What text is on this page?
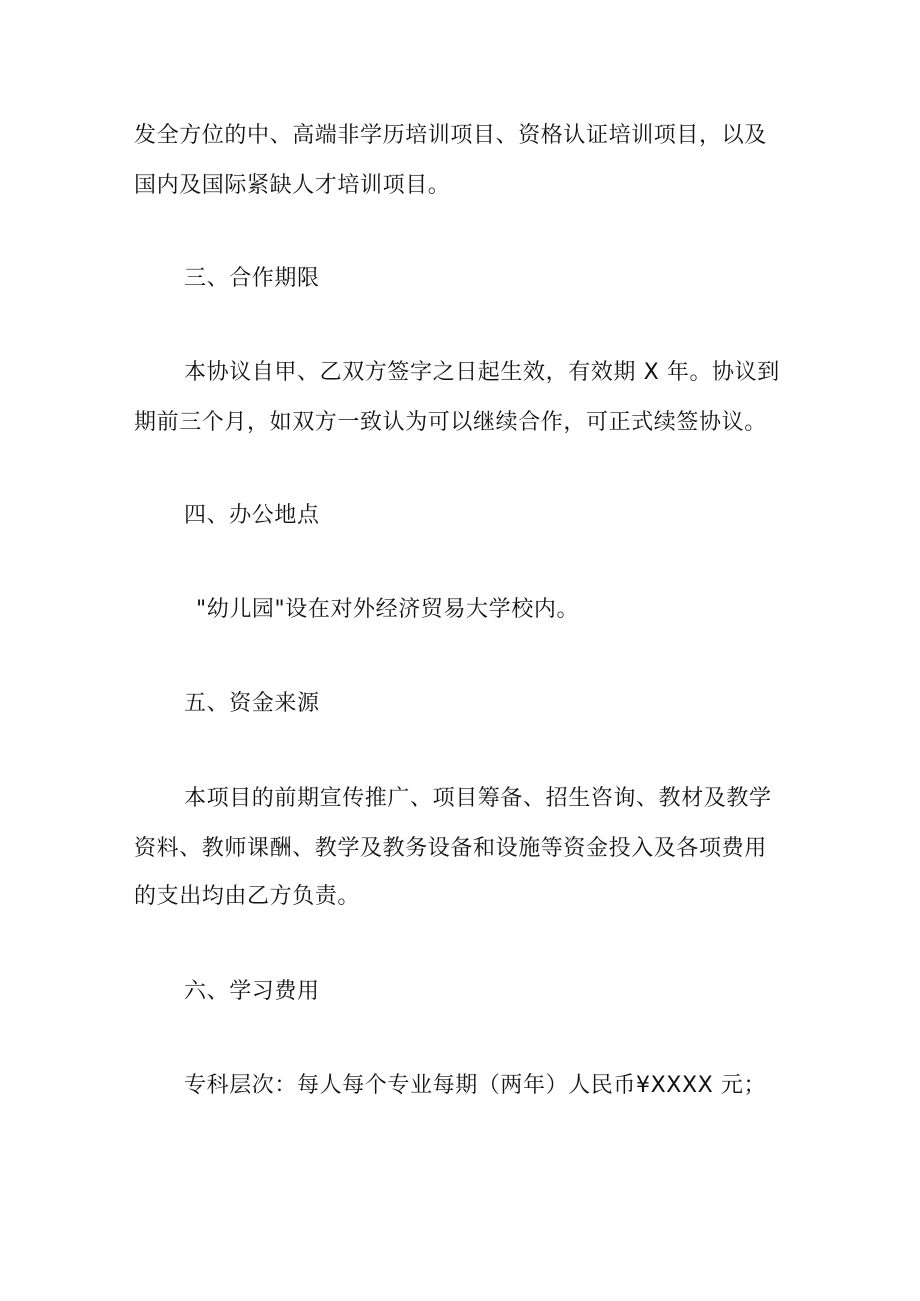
发全方位的中、高端非学历培训项目、资格认证培训项目，以及
国内及国际紧缺人才培训项目。
三、合作期限
本协议自甲、乙双方签字之日起生效，有效期 X 年。协议到
期前三个月，如双方一致认为可以继续合作，可正式续签协议。
四、办公地点
"幼儿园"设在对外经济贸易大学校内。
五、资金来源
本项目的前期宣传推广、项目筹备、招生咨询、教材及教学
资料、教师课酬、教学及教务设备和设施等资金投入及各项费用
的支出均由乙方负责。
六、学习费用
专科层次：每人每个专业每期（两年）人民币¥XXXX 元；
